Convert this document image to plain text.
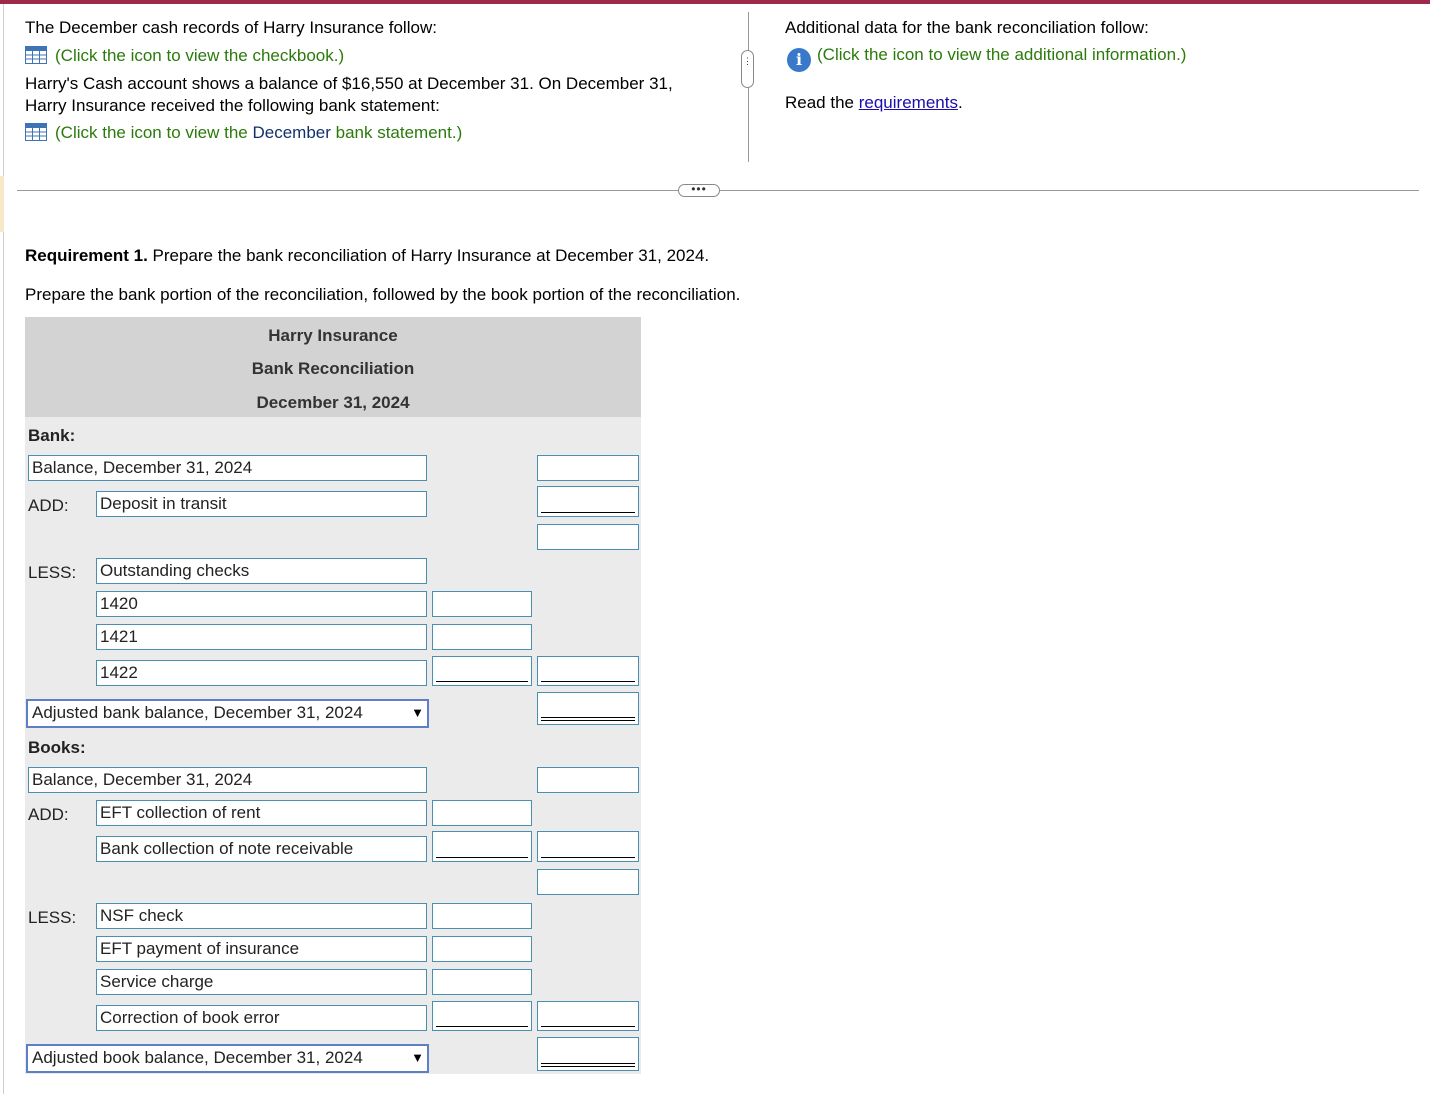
The December cash records of Harry Insurance follow:
(Click the icon to view the checkbook.)
Harry's Cash account shows a balance of $16,550 at December 31. On December 31,
Harry Insurance received the following bank statement:
(Click the icon to view the December bank statement.)
⋮
•••
Additional data for the bank reconciliation follow:
i (Click the icon to view the additional information.)
Read the requirements.
Requirement 1. Prepare the bank reconciliation of Harry Insurance at December 31, 2024.
Prepare the bank portion of the reconciliation, followed by the book portion of the reconciliation.
Harry Insurance
Bank Reconciliation
December 31, 2024
Bank:
Balance, December 31, 2024
ADD: Deposit in transit
LESS: Outstanding checks
1420
1421
1422
Adjusted bank balance, December 31, 2024	▼
Books:
Balance, December 31, 2024
ADD: EFT collection of rent
Bank collection of note receivable
LESS: NSF check
EFT payment of insurance
Service charge
Correction of book error
Adjusted book balance, December 31, 2024	▼
